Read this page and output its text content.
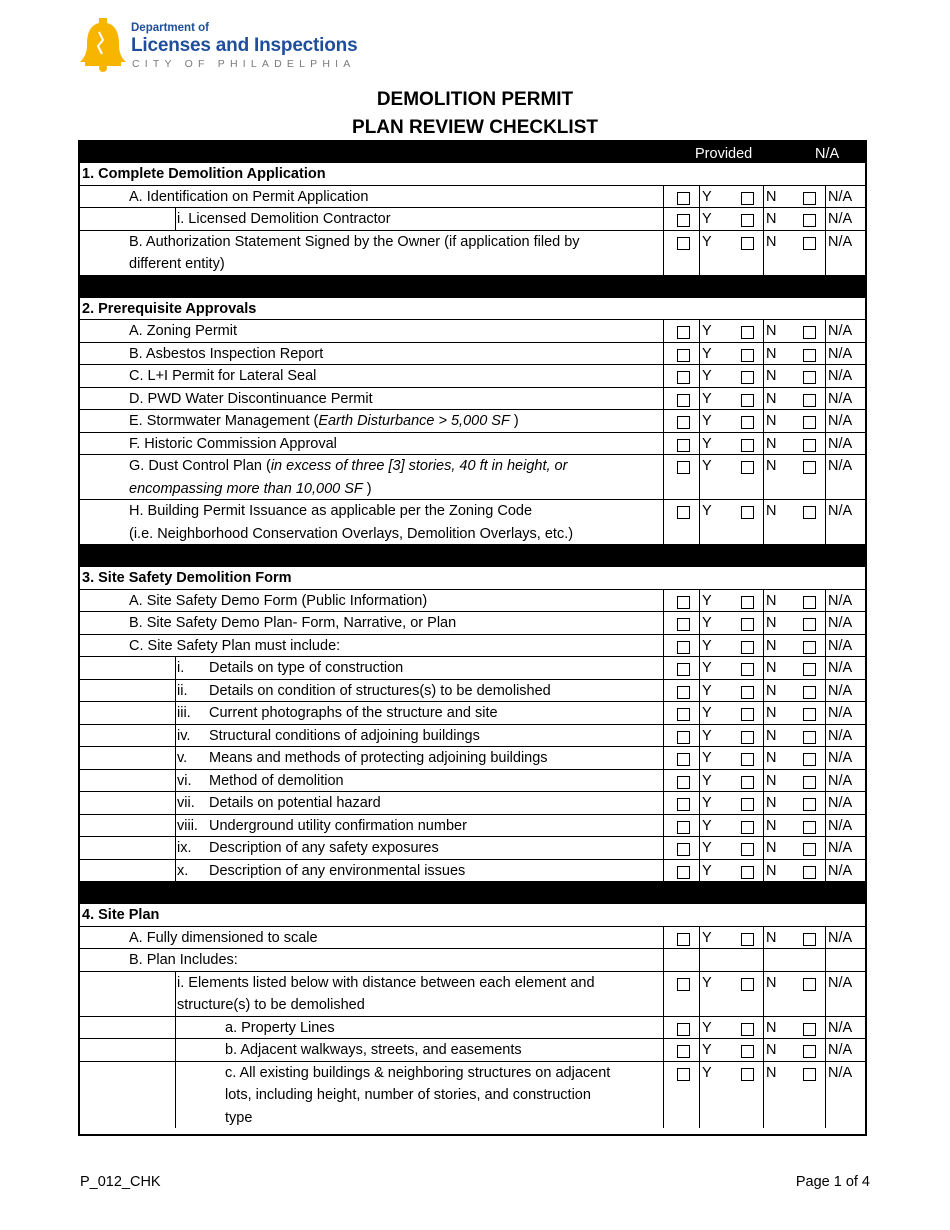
Department of
Licenses and Inspections
CITY OF PHILADELPHIA
DEMOLITION PERMIT
PLAN REVIEW CHECKLIST
Provided	N/A
1. Complete Demolition Application
A. Identification on Permit Application	Y	N	N/A
i. Licensed Demolition Contractor	Y	N	N/A
B. Authorization Statement Signed by the Owner (if application filed by
different entity)
Y	N	N/A
2. Prerequisite Approvals
A. Zoning Permit	Y	N	N/A
B. Asbestos Inspection Report	Y	N	N/A
C. L+I Permit for Lateral Seal	Y	N	N/A
D. PWD Water Discontinuance Permit	Y	N	N/A
E. Stormwater Management (Earth Disturbance > 5,000 SF )	Y	N	N/A
F. Historic Commission Approval	Y	N	N/A
G. Dust Control Plan (in excess of three [3] stories, 40 ft in height, or
encompassing more than 10,000 SF )
Y	N	N/A
H. Building Permit Issuance as applicable per the Zoning Code
(i.e. Neighborhood Conservation Overlays, Demolition Overlays, etc.)
Y	N	N/A
3. Site Safety Demolition Form
A. Site Safety Demo Form (Public Information)	Y	N	N/A
B. Site Safety Demo Plan- Form, Narrative, or Plan	Y	N	N/A
C. Site Safety Plan must include:	Y	N	N/A
i. Details on type of construction	Y	N	N/A
ii. Details on condition of structures(s) to be demolished	Y	N	N/A
iii. Current photographs of the structure and site	Y	N	N/A
iv. Structural conditions of adjoining buildings	Y	N	N/A
v. Means and methods of protecting adjoining buildings	Y	N	N/A
vi. Method of demolition	Y	N	N/A
vii. Details on potential hazard	Y	N	N/A
viii. Underground utility confirmation number	Y	N	N/A
ix. Description of any safety exposures	Y	N	N/A
x. Description of any environmental issues	Y	N	N/A
4. Site Plan
A. Fully dimensioned to scale	Y	N	N/A
B. Plan Includes:
i. Elements listed below with distance between each element and
structure(s) to be demolished
Y	N	N/A
a. Property Lines	Y	N	N/A
b. Adjacent walkways, streets, and easements	Y	N	N/A
c. All existing buildings & neighboring structures on adjacent
lots, including height, number of stories, and construction
type
Y	N	N/A
P_012_CHK	Page 1 of 4
